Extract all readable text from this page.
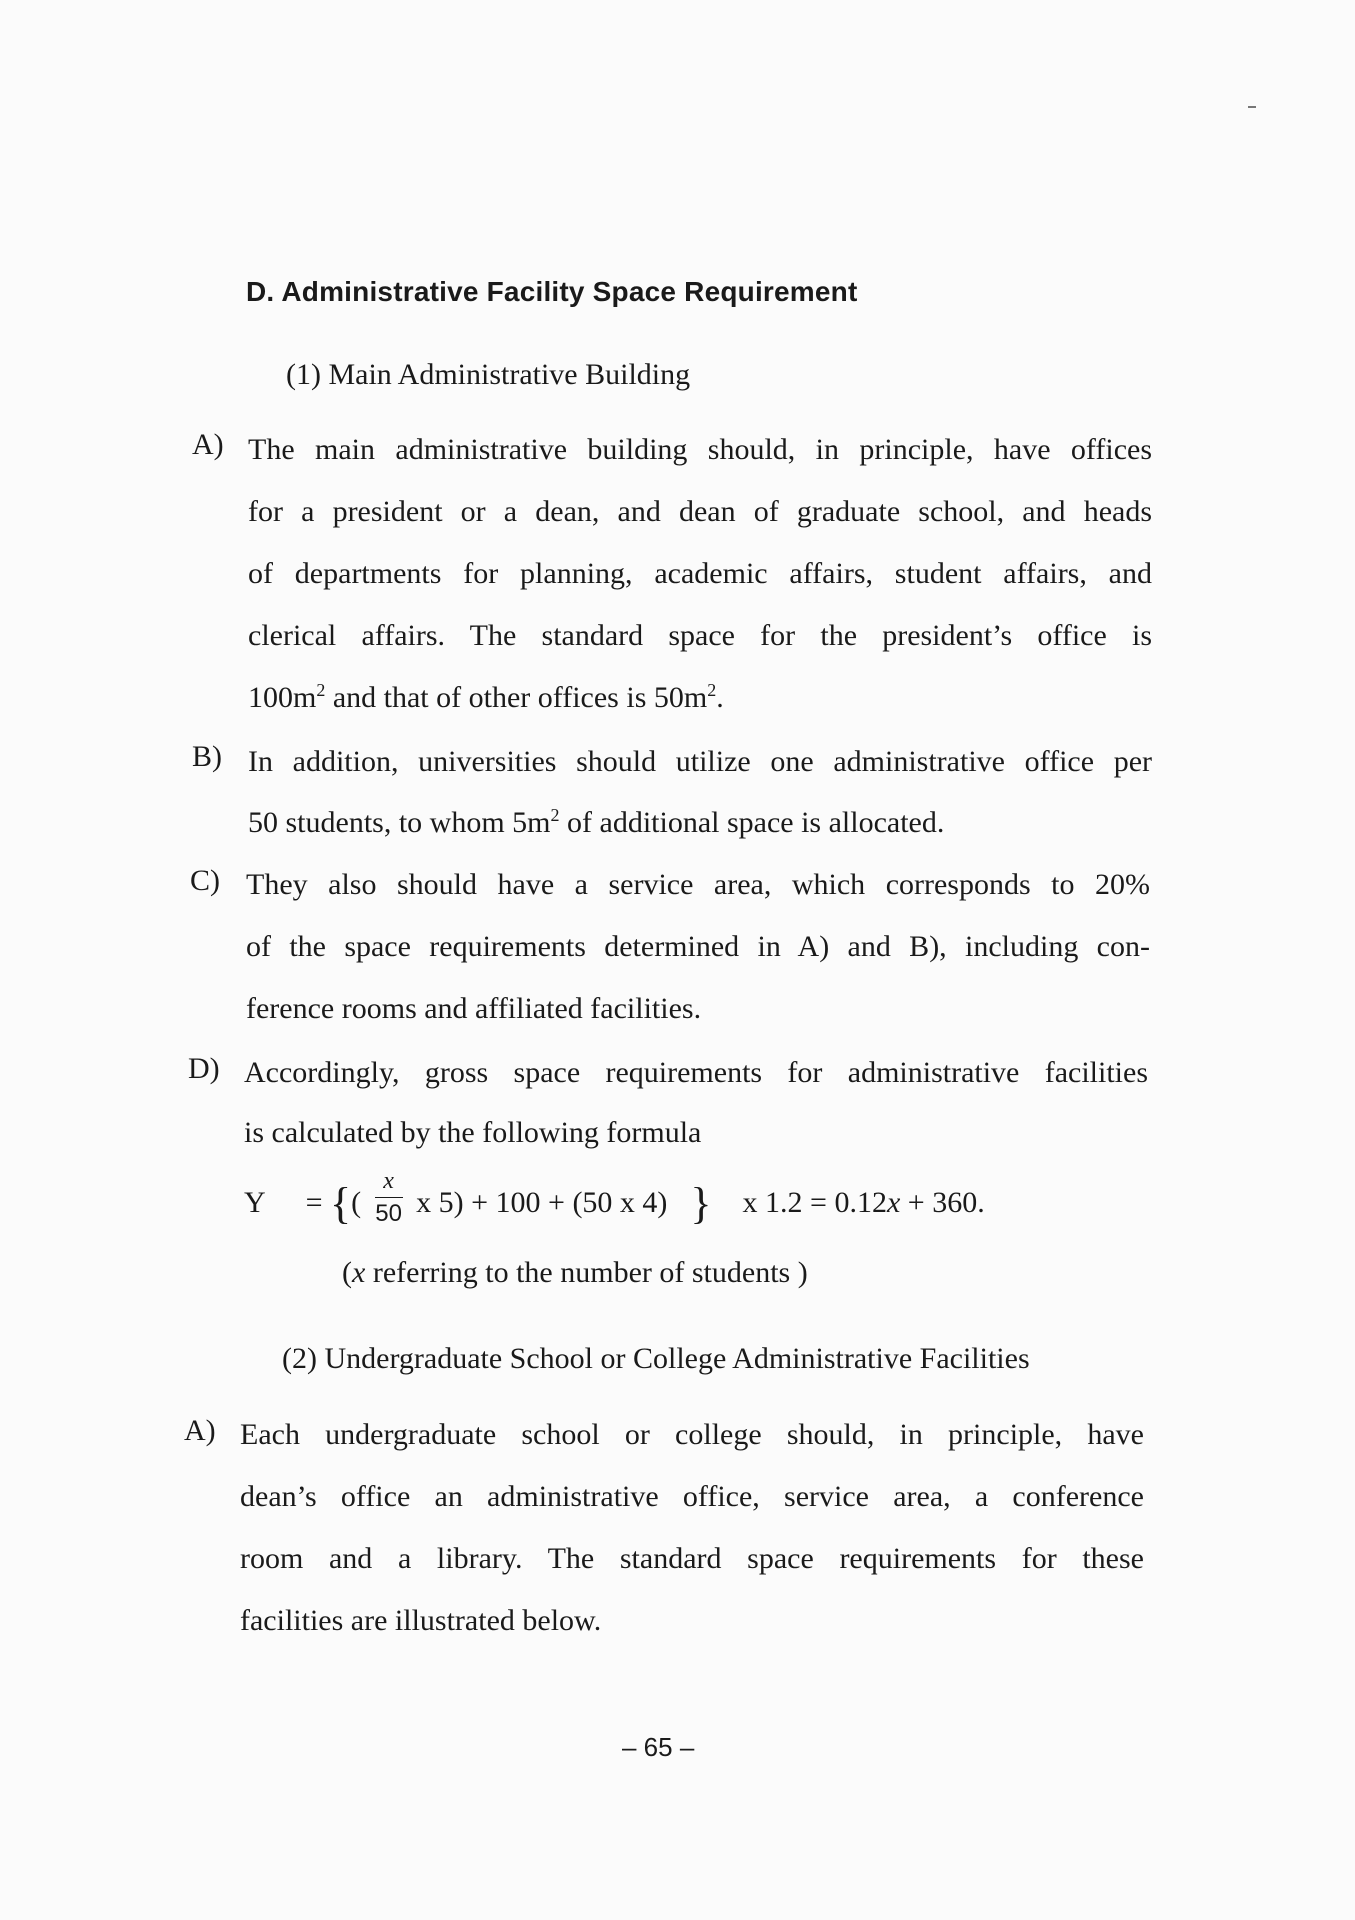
D. Administrative Facility Space Requirement
(1) Main Administrative Building
A) The main administrative building should, in principle, have offices
for a president or a dean, and dean of graduate school, and heads
of departments for planning, academic affairs, student affairs, and
clerical affairs. The standard space for the president’s office is
$100m^2$ and that of other offices is $50m^2$.
B) In addition, universities should utilize one administrative office per
50 students, to whom $5m^2$ of additional space is allocated.
C) They also should have a service area, which corresponds to 20%
of the space requirements determined in A) and B), including con-
ference rooms and affiliated facilities.
D) Accordingly, gross space requirements for administrative facilities
is calculated by the following formula
Y = {( $\frac{x}{50}$ x 5) + 100 + (50 x 4) } x 1.2 = 0.12x + 360.
(x referring to the number of students )
(2) Undergraduate School or College Administrative Facilities
A) Each undergraduate school or college should, in principle, have
dean’s office an administrative office, service area, a conference
room and a library. The standard space requirements for these
facilities are illustrated below.
– 65 –
